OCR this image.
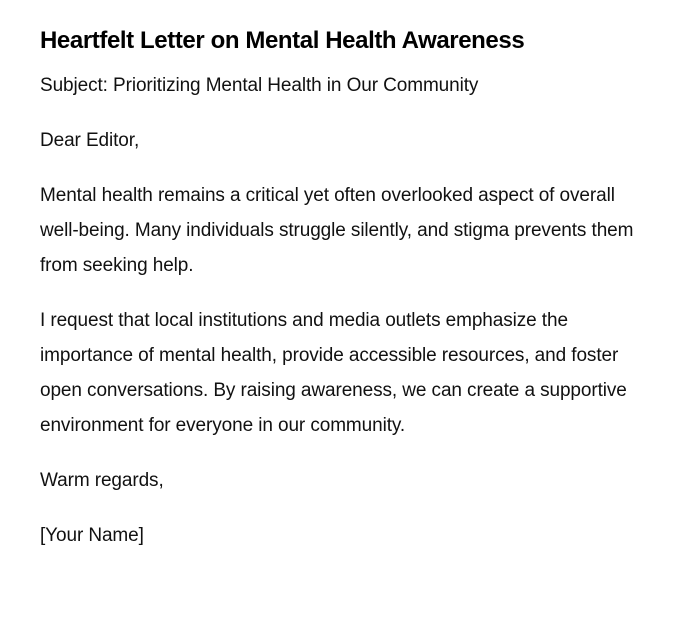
Heartfelt Letter on Mental Health Awareness

Subject: Prioritizing Mental Health in Our Community

Dear Editor,

Mental health remains a critical yet often overlooked aspect of overall well-being. Many individuals struggle silently, and stigma prevents them from seeking help.

I request that local institutions and media outlets emphasize the importance of mental health, provide accessible resources, and foster open conversations. By raising awareness, we can create a supportive environment for everyone in our community.

Warm regards,

[Your Name]
